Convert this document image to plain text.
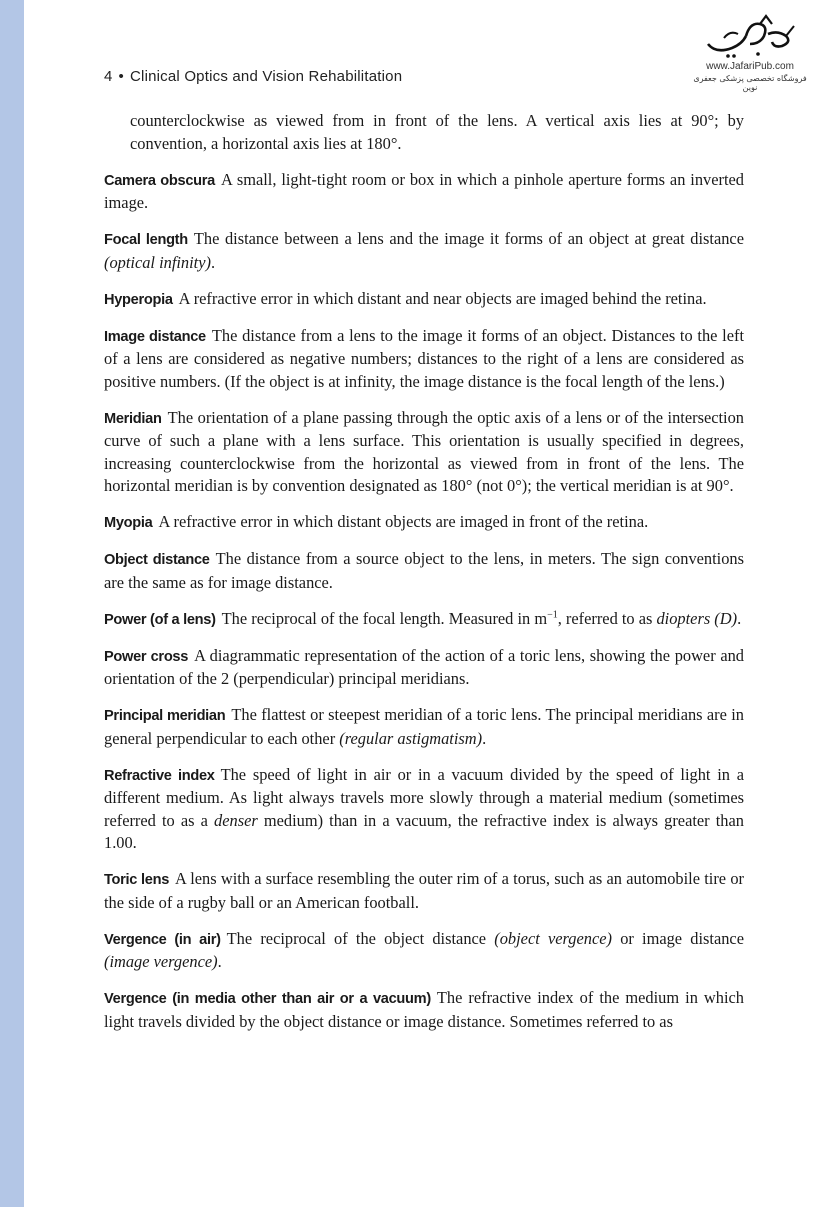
4 • Clinical Optics and Vision Rehabilitation
www.JafariPub.com
فروشگاه تخصصی پزشکی جعفری نوین

counterclockwise as viewed from in front of the lens. A vertical axis lies at 90°; by convention, a horizontal axis lies at 180°.

Camera obscura A small, light-tight room or box in which a pinhole aperture forms an inverted image.

Focal length The distance between a lens and the image it forms of an object at great distance (optical infinity).

Hyperopia A refractive error in which distant and near objects are imaged behind the retina.

Image distance The distance from a lens to the image it forms of an object. Distances to the left of a lens are considered as negative numbers; distances to the right of a lens are considered as positive numbers. (If the object is at infinity, the image distance is the focal length of the lens.)

Meridian The orientation of a plane passing through the optic axis of a lens or of the intersection curve of such a plane with a lens surface. This orientation is usually specified in degrees, increasing counterclockwise from the horizontal as viewed from in front of the lens. The horizontal meridian is by convention designated as 180° (not 0°); the vertical meridian is at 90°.

Myopia A refractive error in which distant objects are imaged in front of the retina.

Object distance The distance from a source object to the lens, in meters. The sign conventions are the same as for image distance.

Power (of a lens) The reciprocal of the focal length. Measured in $m^{-1}$, referred to as diopters (D).

Power cross A diagrammatic representation of the action of a toric lens, showing the power and orientation of the 2 (perpendicular) principal meridians.

Principal meridian The flattest or steepest meridian of a toric lens. The principal meridians are in general perpendicular to each other (regular astigmatism).

Refractive index The speed of light in air or in a vacuum divided by the speed of light in a different medium. As light always travels more slowly through a material medium (sometimes referred to as a denser medium) than in a vacuum, the refractive index is always greater than 1.00.

Toric lens A lens with a surface resembling the outer rim of a torus, such as an automobile tire or the side of a rugby ball or an American football.

Vergence (in air) The reciprocal of the object distance (object vergence) or image distance (image vergence).

Vergence (in media other than air or a vacuum) The refractive index of the medium in which light travels divided by the object distance or image distance. Sometimes referred to as
